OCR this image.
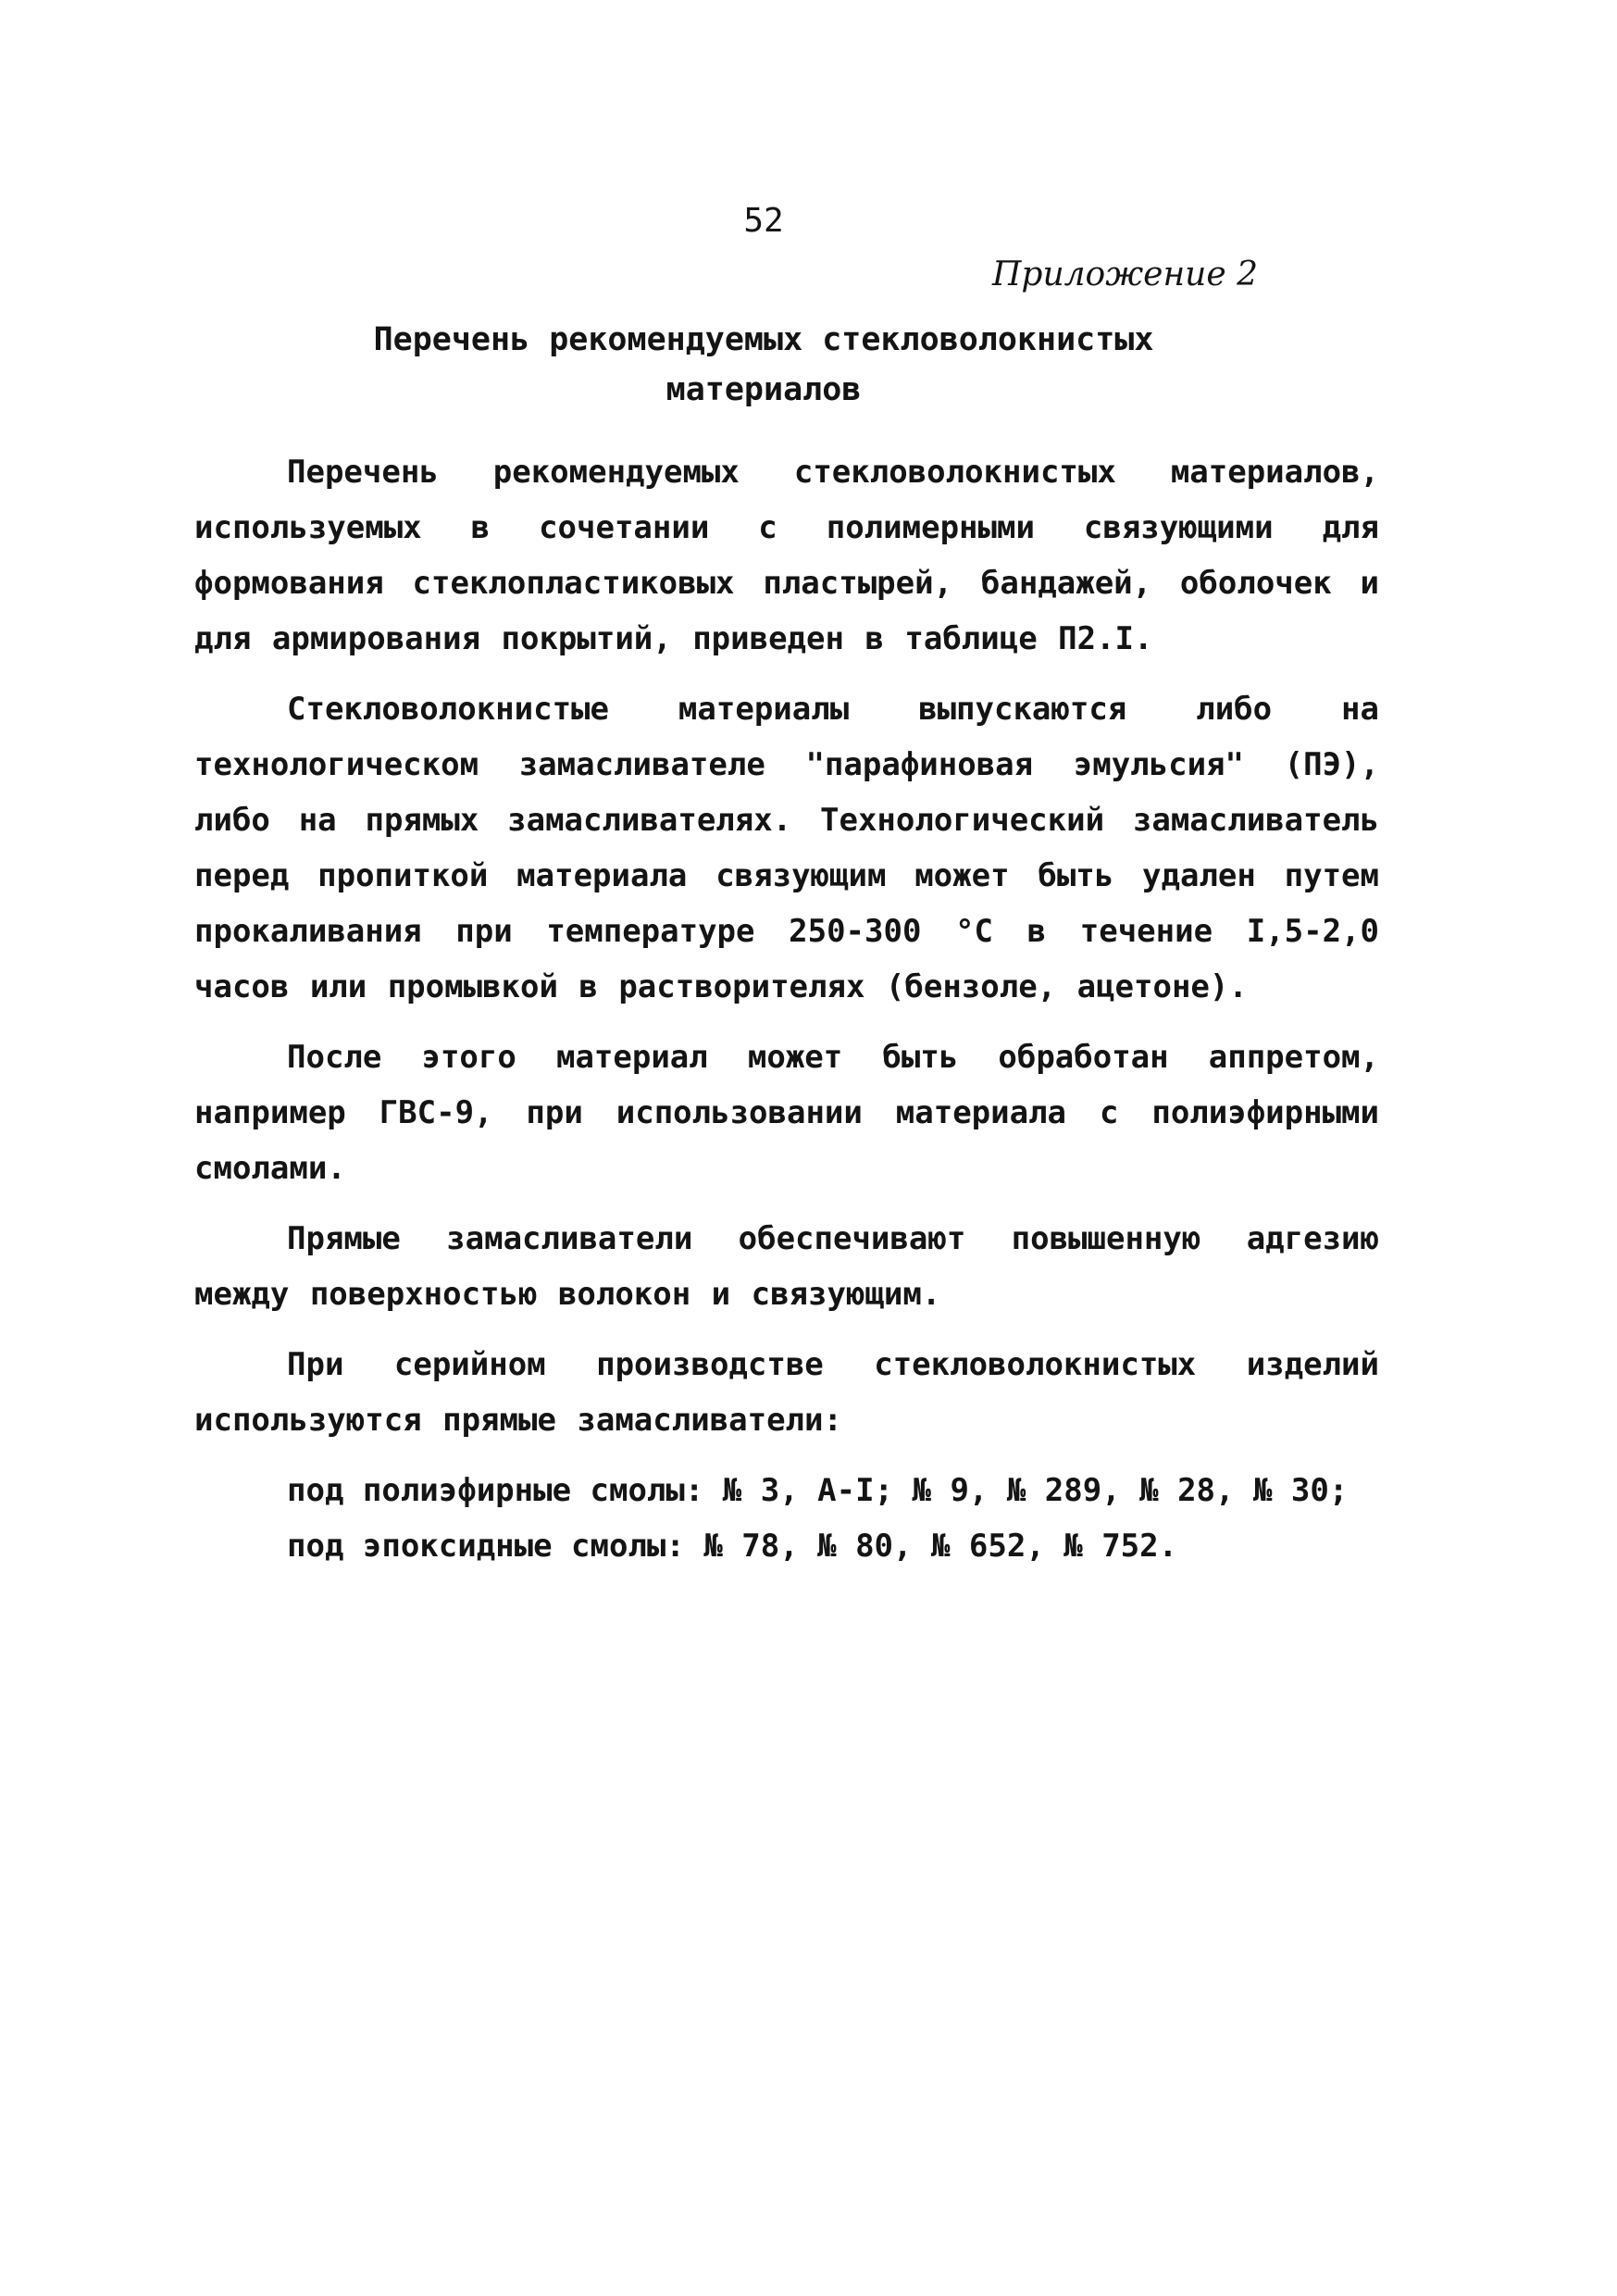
52
Приложение 2
Перечень рекомендуемых стекловолокнистых
материалов

Перечень рекомендуемых стекловолокнистых материалов, используемых в сочетании с полимерными связующими для формования стеклопластиковых пластырей, бандажей, оболочек и для армирования покрытий, приведен в таблице П2.I.

Стекловолокнистые материалы выпускаются либо на технологическом замасливателе "парафиновая эмульсия" (ПЭ), либо на прямых замасливателях. Технологический замасливатель перед пропиткой материала связующим может быть удален путем прокаливания при температуре 250-300 °С в течение I,5-2,0 часов или промывкой в растворителях (бензоле, ацетоне).

После этого материал может быть обработан аппретом, например ГВС-9, при использовании материала с полиэфирными смолами.

Прямые замасливатели обеспечивают повышенную адгезию между поверхностью волокон и связующим.

При серийном производстве стекловолокнистых изделий используются прямые замасливатели:

под полиэфирные смолы: № 3, А-I; № 9, № 289, № 28, № 30;
под эпоксидные смолы: № 78, № 80, № 652, № 752.
